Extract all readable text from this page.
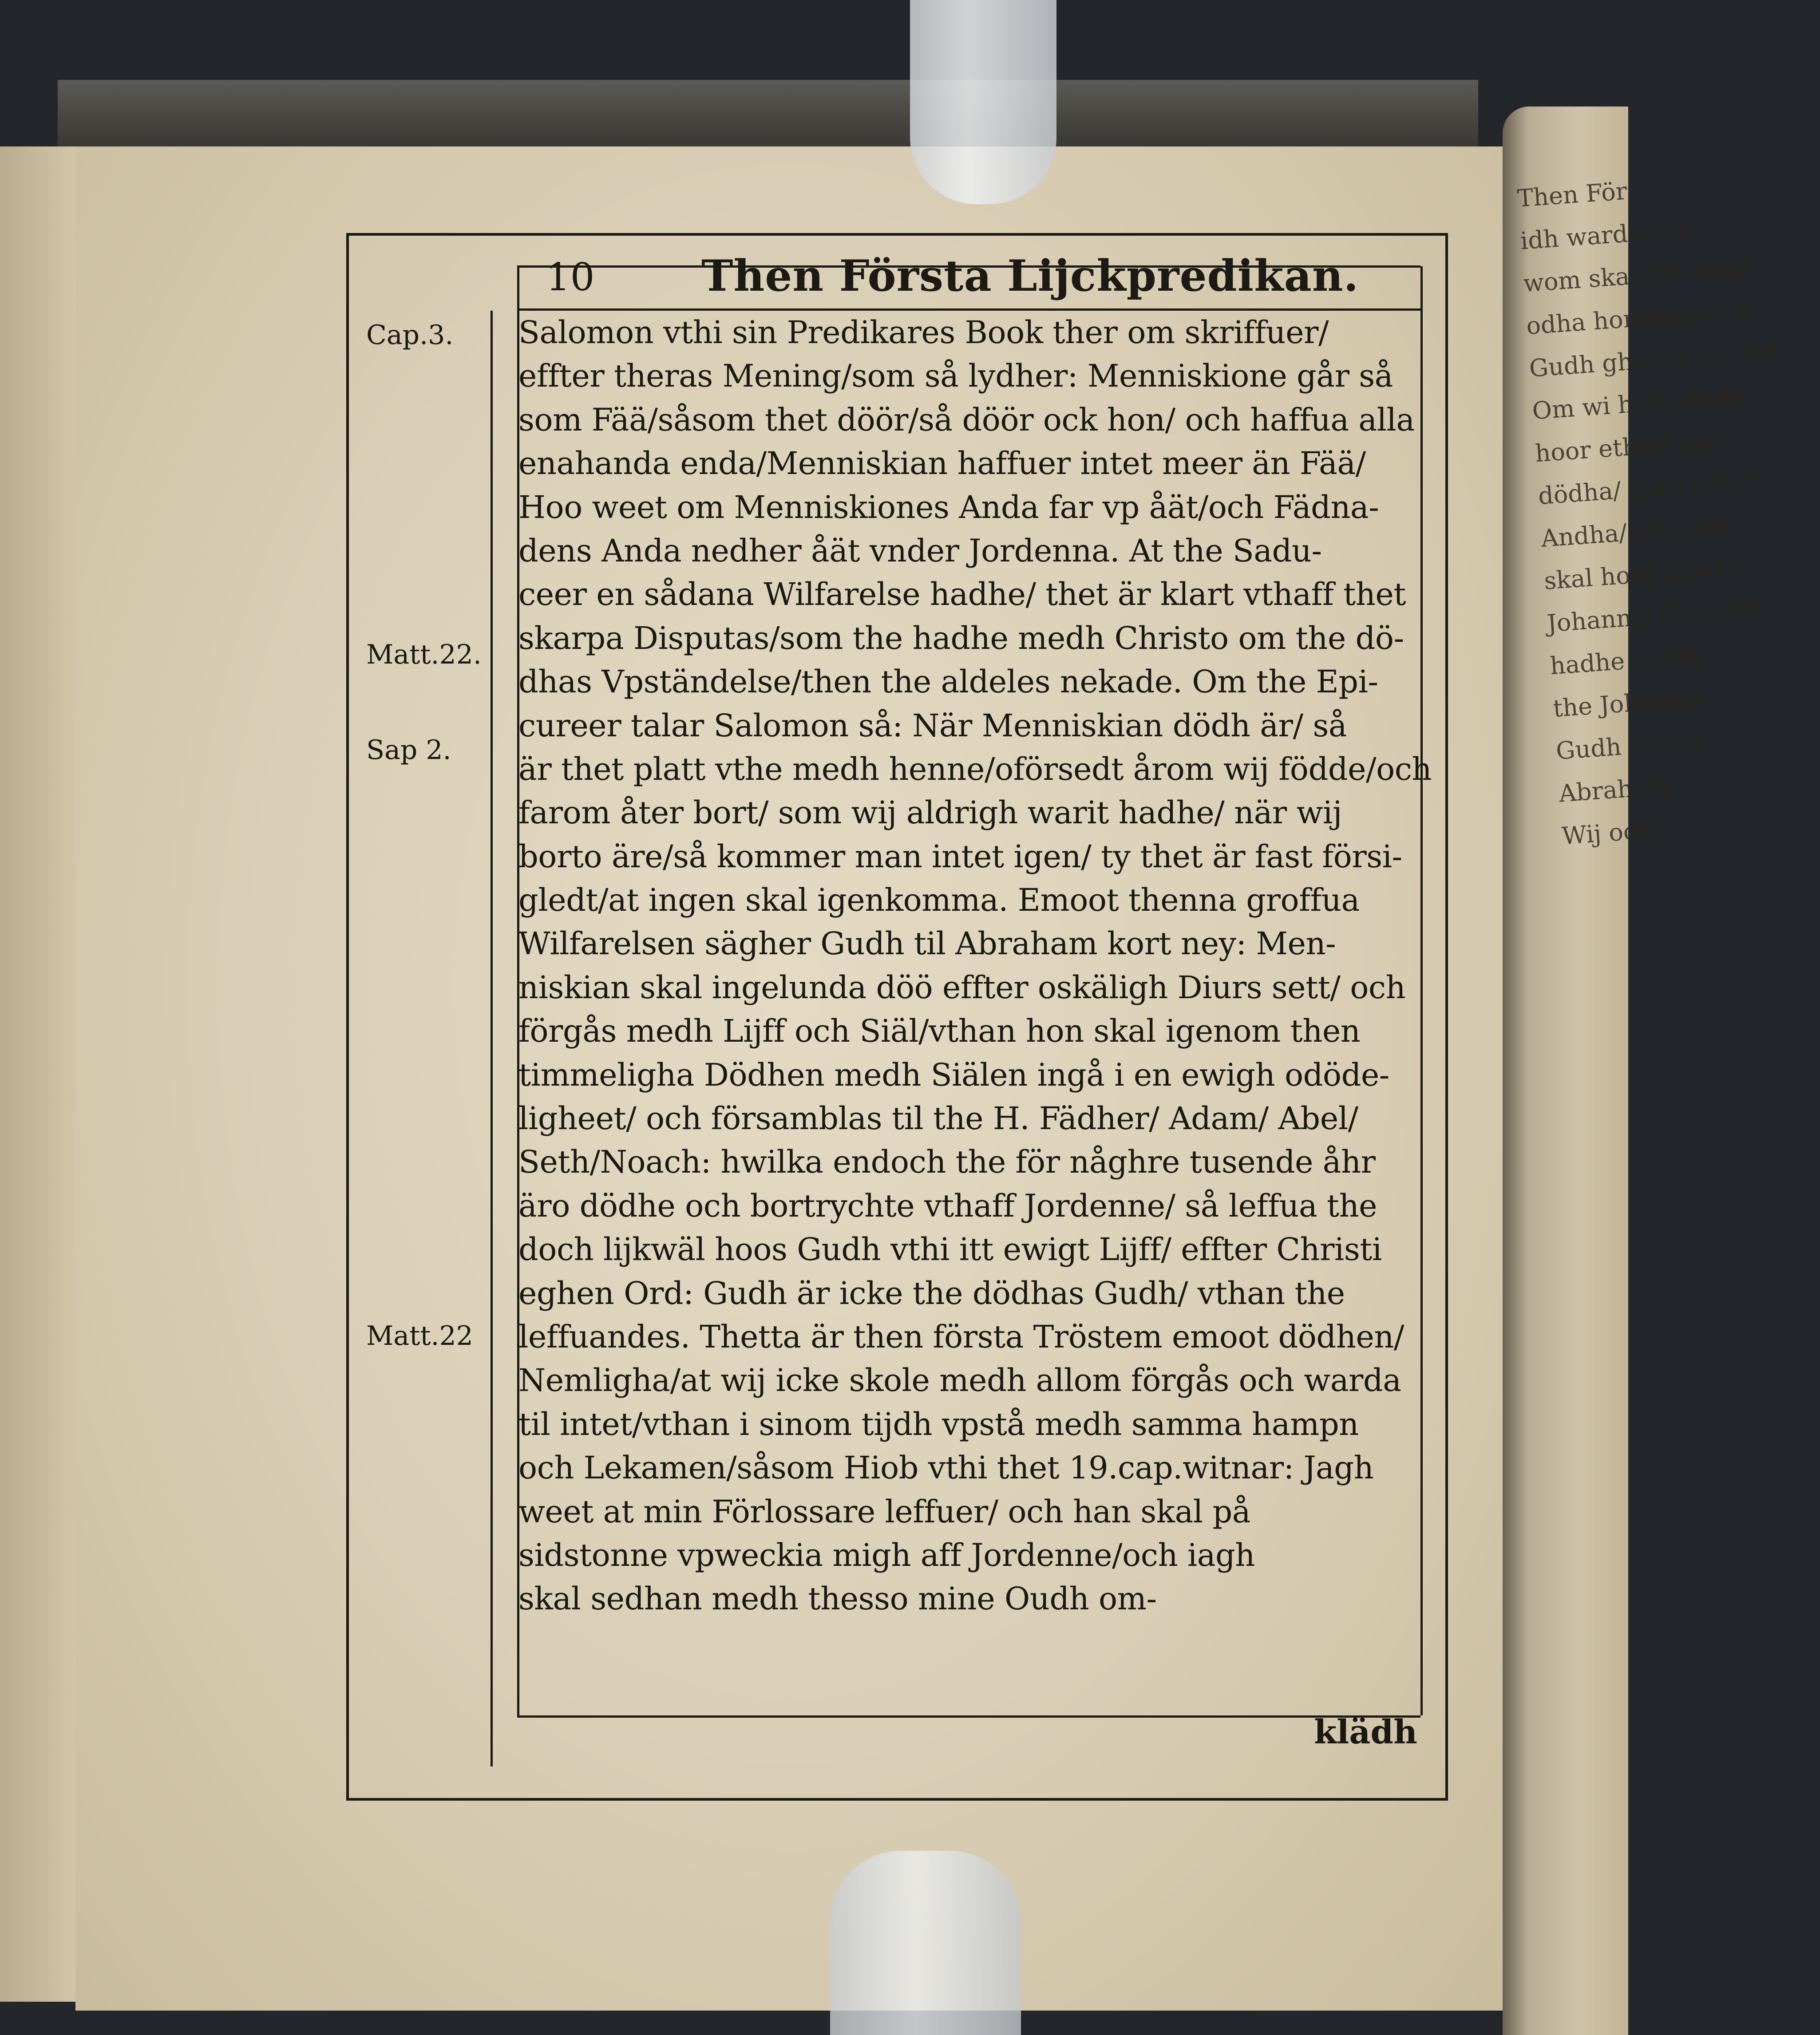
Then För
idh warda/och
wom skal igh migh
odha honom/och in
Gudh ghen other och
Om wi hans Ande
hoor ether/ skal
dödha/ göra ether
Andha/som i ed
skal hoor frischt
Johannis Hadhers
hadhe medh
the Johannis
Gudh i flere
Abraham
Wij och i
10	Then Första Lijckpredikan.
Cap.3.
Matt.22.
Sap 2.
Matt.22
Salomon vthi sin Predikares Book ther om skriffuer/
effter theras Mening/som så lydher: Menniskione går så
som Fää/såsom thet döör/så döör ock hon/ och haffua alla
enahanda enda/Menniskian haffuer intet meer än Fää/
Hoo weet om Menniskiones Anda far vp åät/och Fädna-
dens Anda nedher åät vnder Jordenna. At the Sadu-
ceer en sådana Wilfarelse hadhe/ thet är klart vthaff thet
skarpa Disputas/som the hadhe medh Christo om the dö-
dhas Vpständelse/then the aldeles nekade. Om the Epi-
cureer talar Salomon så: När Menniskian dödh är/ så
är thet platt vthe medh henne/oförsedt årom wij födde/och
farom åter bort/ som wij aldrigh warit hadhe/ när wij
borto äre/så kommer man intet igen/ ty thet är fast försi-
gledt/at ingen skal igenkomma. Emoot thenna groffua
Wilfarelsen sägher Gudh til Abraham kort ney: Men-
niskian skal ingelunda döö effter oskäligh Diurs sett/ och
förgås medh Lijff och Siäl/vthan hon skal igenom then
timmeligha Dödhen medh Siälen ingå i en ewigh odöde-
ligheet/ och församblas til the H. Fädher/ Adam/ Abel/
Seth/Noach: hwilka endoch the för någhre tusende åhr
äro dödhe och bortrychte vthaff Jordenne/ så leffua the
doch lijkwäl hoos Gudh vthi itt ewigt Lijff/ effter Christi
eghen Ord: Gudh är icke the dödhas Gudh/ vthan the
leffuandes. Thetta är then första Tröstem emoot dödhen/
Nemligha/at wij icke skole medh allom förgås och warda
til intet/vthan i sinom tijdh vpstå medh samma hampn
och Lekamen/såsom Hiob vthi thet 19.cap.witnar: Jagh
weet at min Förlossare leffuer/ och han skal på
sidstonne vpweckia migh aff Jordenne/och iagh
skal sedhan medh thesso mine Oudh om-
klädh
